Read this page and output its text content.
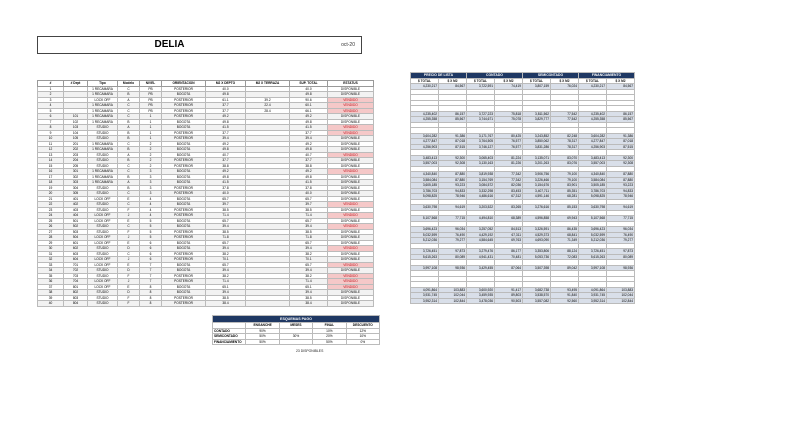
DELIA	oct-20
#	# Dept	Tipo	Modelo	NIVEL	ORIENTACION	M2 X DEPTO	M2 X TERRAZA	SUP. TOTAL	ESTATUS
1		1 RECAMARA	C	PB	POSTERIOR	40.0		40.0	DISPONIBLE
2		1 RECAMARA	B	PB	BOGOTA	49.8		49.8	DISPONIBLE
3		LOCK OFF	A	PB	POSTERIOR	61.1	39.2	90.6	VENDIDO
4		1 RECAMARA	C	PB	POSTERIOR	37.7	22.4	60.1	VENDIDO
5		1 RECAMARA	C	PB	POSTERIOR	37.7	28.4	66.1	VENDIDO
6	101	1 RECAMARA	C	1	POSTERIOR	49.2		49.2	DISPONIBLE
7	102	1 RECAMARA	B	1	BOGOTA	49.8		49.8	DISPONIBLE
8	103	STUDIO	A	1	BOGOTA	41.5		41.5	VENDIDO
9	104	STUDIO	B	1	POSTERIOR	37.7		37.7	VENDIDO
10	105	STUDIO	B	1	POSTERIOR	39.4		39.4	DISPONIBLE
11	201	1 RECAMARA	C	2	BOGOTA	49.2		49.2	DISPONIBLE
12	202	1 RECAMARA	B	2	BOGOTA	49.8		49.8	DISPONIBLE
13	203	STUDIO	A	2	BOGOTA	40.7		40.7	VENDIDO
14	204	STUDIO	B	2	POSTERIOR	37.7		37.7	DISPONIBLE
15	205	STUDIO	C	2	POSTERIOR	38.8		38.8	DISPONIBLE
16	301	1 RECAMARA	C	3	BOGOTA	49.2		49.2	VENDIDO
17	302	1 RECAMARA	B	3	BOGOTA	49.8		49.8	DISPONIBLE
18	303	1 RECAMARA	A	3	BOGOTA	41.5		41.5	DISPONIBLE
19	304	STUDIO	B	3	POSTERIOR	37.8		37.8	DISPONIBLE
20	305	STUDIO	C	3	POSTERIOR	40.0		40.0	DISPONIBLE
21	401	LOCK OFF	E	4	BOGOTA	65.7		65.7	DISPONIBLE
22	402	STUDIO	C	4	BOGOTA	39.7		39.7	VENDIDO
23	403	STUDIO	F	4	POSTERIOR	38.5		38.5	DISPONIBLE
24	404	LOCK OFF	J	4	POSTERIOR	71.4		71.4	VENDIDO
25	501	LOCK OFF	E	5	BOGOTA	65.7		65.7	DISPONIBLE
26	502	STUDIO	C	5	BOGOTA	39.4		39.4	VENDIDO
27	503	STUDIO	F	5	POSTERIOR	38.5		38.5	DISPONIBLE
28	504	LOCK OFF	J	5	POSTERIOR	71.8		71.8	DISPONIBLE
29	601	LOCK OFF	E	6	BOGOTA	65.7		65.7	DISPONIBLE
30	602	STUDIO	D	6	BOGOTA	39.4		39.4	VENDIDO
31	603	STUDIO	C	6	POSTERIOR	38.2		38.2	DISPONIBLE
32	604	LOCK OFF	J	6	POSTERIOR	70.1		70.1	DISPONIBLE
33	701	LOCK OFF	E	7	BOGOTA	65.7		65.7	VENDIDO
34	702	STUDIO	D	7	BOGOTA	39.4		39.4	DISPONIBLE
35	703	STUDIO	F	7	POSTERIOR	38.2		38.2	VENDIDO
36	704	LOCK OFF	J	7	POSTERIOR	71.4		71.4	VENDIDO
37	801	LOCK OFF	E	8	BOGOTA	65.1		65.1	VENDIDO
38	802	STUDIO	D	8	BOGOTA	39.4		39.4	DISPONIBLE
39	803	STUDIO	F	8	POSTERIOR	38.5		38.5	DISPONIBLE
40	804	STUDIO	F	8	POSTERIOR	38.4		38.4	DISPONIBLE
PRECIO DE LISTA		CONTADO		SEMICONTADO		FINANCIAMIENTO	
$ TOTAL	$ X M2	$ TOTAL	$ X M2	$ TOTAL	$ X M2	$ TOTAL	$ X M2
4,230,217	84,567	3,722,591	74,419	3,807,159	76,024	4,230,217	84,567

4,235,402	86,157	3,727,223	75,818	3,811,562	77,542	4,235,402	86,157
4,255,358	85,567	3,744,671	75,078	3,829,777	77,542	4,255,358	85,567

3,604,282	91,386	3,171,767	80,425	3,243,852	82,248	3,604,282	91,386
4,277,847	87,018	3,764,505	76,577	3,850,062	78,317	4,277,847	87,018
4,256,903	87,515	3,746,127	76,577	3,831,286	78,317	4,256,903	87,515

3,483,413	92,300	3,065,403	81,224	3,135,071	83,070	3,483,413	92,300
3,557,003	92,308	3,130,163	81,226	3,201,263	83,076	3,557,003	92,308

4,340,840	87,880	3,819,938	77,342	3,906,756	79,100	4,340,840	87,880
3,584,084	87,880	3,154,769	77,342	3,226,466	79,100	3,584,084	87,880
3,605,185	93,223	3,084,572	82,036	3,154,676	83,901	3,505,185	93,223
3,786,703	94,833	3,332,298	83,453	3,407,711	85,351	3,786,703	94,833
5,098,825	78,946	4,486,616	67,312	4,591,146	68,281	5,098,825	78,946

3,630,798	94,619	3,203,522	83,265	3,276,616	85,153	3,630,798	94,619

5,107,568	77,715	4,494,810	68,389	4,596,858	69,943	5,107,568	77,715

3,696,423	96,034	3,257,052	84,513	3,326,591	86,435	3,696,423	96,034
5,032,599	76,490	4,429,192	67,311	4,529,373	68,841	5,032,599	76,490
5,212,036	79,277	4,584,645	69,763	4,693,090	71,349	5,212,036	79,277

3,726,451	97,873	3,279,476	86,177	3,353,806	88,124	3,726,451	97,873
5,615,263	80,089	4,941,431	70,481	5,053,736	72,083	5,615,263	80,089

3,997,108	98,936	3,429,455	87,064	3,507,398	89,042	3,997,108	98,936

4,091,864	103,883	3,600,920	91,417	3,682,738	93,495	4,091,864	103,883
3,931,745	102,044	3,459,935	89,803	3,538,570	91,840	3,931,745	102,044
3,952,314	102,844	3,478,036	90,503	3,557,082	92,560	3,952,314	102,844
ESQUEMAS PAGO				
	ENGANCHE	MESES	FINAL	DESCUENTO
CONTADO	90%		10%	12%
SEMICONTADO	50%	30%	20%	10%
FINANCIAMIENTO	50%		50%	0%
23 DISPONIBLES
